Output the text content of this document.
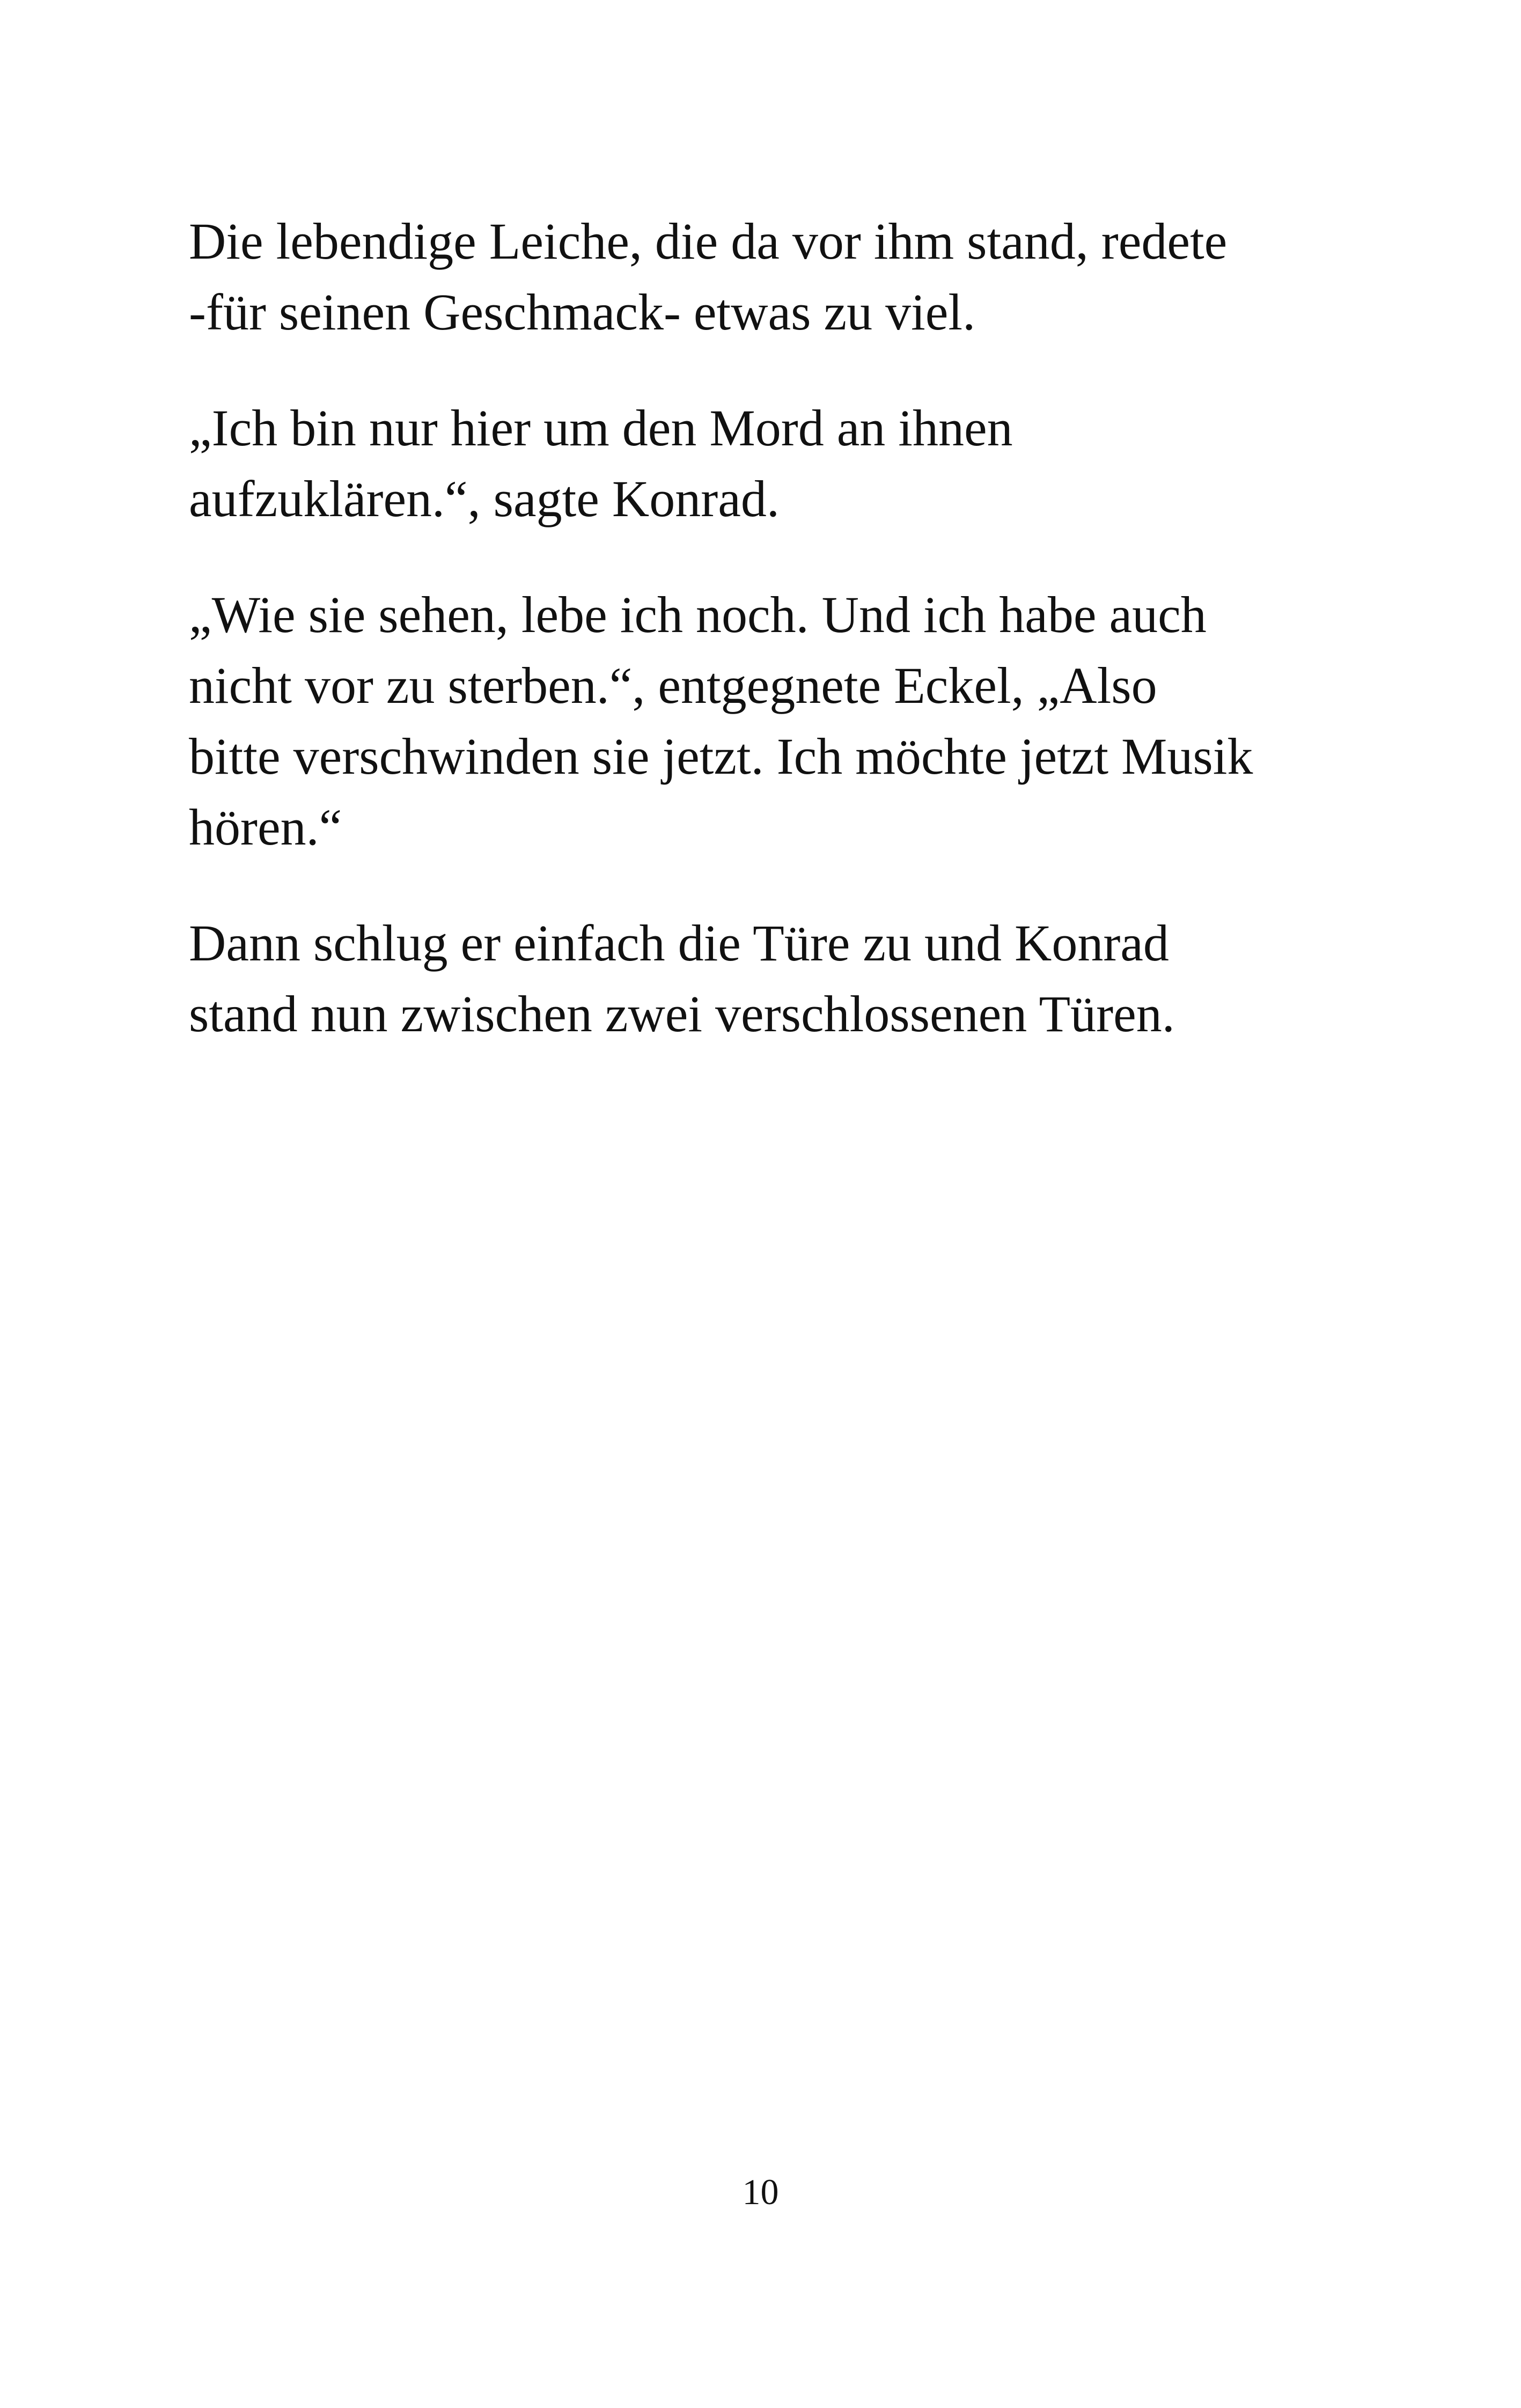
Die lebendige Leiche, die da vor ihm stand, redete
-für seinen Geschmack- etwas zu viel.

„Ich bin nur hier um den Mord an ihnen
aufzuklären.“, sagte Konrad.

„Wie sie sehen, lebe ich noch. Und ich habe auch
nicht vor zu sterben.“, entgegnete Eckel, „Also
bitte verschwinden sie jetzt. Ich möchte jetzt Musik
hören.“

Dann schlug er einfach die Türe zu und Konrad
stand nun zwischen zwei verschlossenen Türen.

10
